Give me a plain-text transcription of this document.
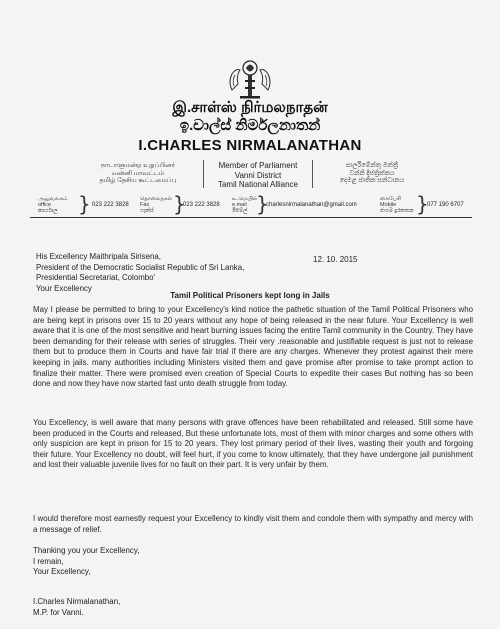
இ.சாள்ஸ் நிர்மலநாதன்
ඉ.චාල්ස් නිර්මලනාතන්
I.CHARLES NIRMALANATHAN
நாடாளுமன்ற உறுப்பினர்
வன்னி மாவட்டம்
தமிழ் தேசிய கூட்டமைப்பு
Member of Parliament
Vanni District
Tamil National Alliance
පාර්ලිමේන්තු මන්ත්‍රී
වන්නි දිස්ත්‍රික්කය
දෙමළ ජාතික සන්ධානය
அலுவலகம்
office
කාර්යාල	} 023 222 3828
தொலைநகல்
Fax
ෆැක්ස් }
023 222 3828
உ.மெயில்
e.mail
ඊමේල් }
charlesnirmalanathan@gmail.com
கைபேசி
Mobile
ජංගම දුරකතන }
077 190 6707
His Excellency Maithripala Sirisena,
President of the Democratic Socialist Republic of Sri Lanka,
Presidential Secretariat, Colombo'
Your Excellency
12. 10. 2015
Tamil Political Prisoners kept long in Jails
May I please be permitted to bring to your Excellency's kind notice the pathetic situation of the Tamil Political Prisoners who are being kept in prisons over 15 to 20 years without any hope of being released in the near future. Your Excellency is well aware that it is one of the most sensitive and heart burning issues facing the entire Tamil community in the Country. They have been demanding for their release with series of struggles. Their very .reasonable and justifiable request is just not to release them but to produce them in Courts and have fair trial if there are any charges. Whenever they protest against their mere keeping in jails. many authorities including Ministers visited them and gave promise after promise to take prompt action to finalize their matter. There were promised even creation of Special Courts to expedite their cases But nothing has so been done and now they have now started fast unto death struggle from today.
You Excellency, is well aware that many persons with grave offences have been rehabilitated and released. Still some have been produced in the Courts and released, But these unfortunate lots, most of them with minor charges and some others with only suspicion are kept in prison for 15 to 20 years. They lost primary period of their lives, wasting their youth and forgoing their future. Your Excellency no doubt, will feel hurt, if you come to know ultimately, that they have undergone jail punishment and lost their valuable juvenile lives for no fault on their part. It is very unfair by them.
I would therefore most earnestly request your Excellency to kindly visit them and condole them with sympathy and mercy with a message of relief.
Thanking you your Excellency,
I remain,
Your Excellency,
I.Charles Nirmalanathan,
M.P. for Vanni.
